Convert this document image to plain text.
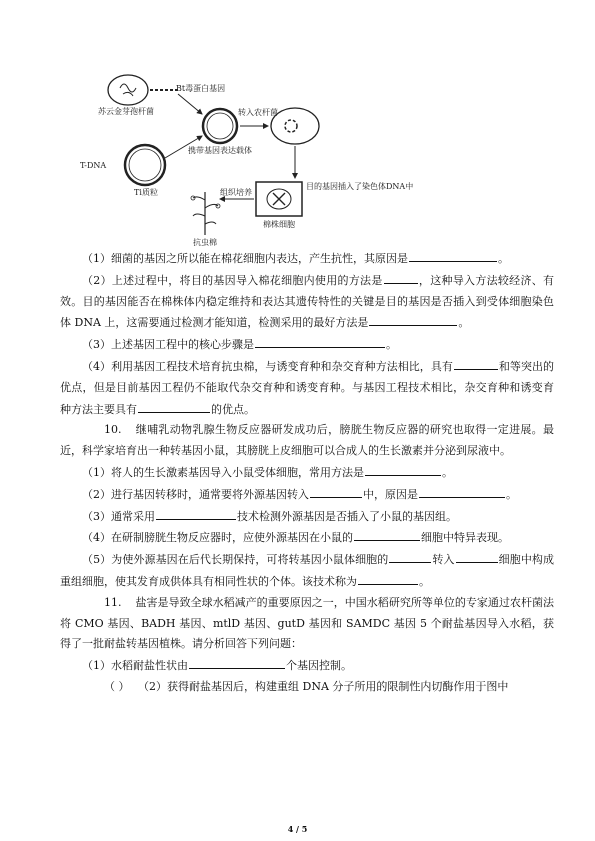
苏云金芽孢杆菌
Bt毒蛋白基因
T-DNA
Ti质粒
携带基因表达载体
转入农杆菌
棉株细胞
目的基因插入了染色体DNA中
组织培养
抗虫棉

（1）细菌的基因之所以能在棉花细胞内表达，产生抗性，其原因是	。

（2）上述过程中，将目的基因导入棉花细胞内使用的方法是	，这种导入方法较经济、有效。目的基因能否在棉株体内稳定维持和表达其遗传特性的关键是目的基因是否插入到受体细胞染色体 DNA 上，这需要通过检测才能知道，检测采用的最好方法是	。

（3）上述基因工程中的核心步骤是	。

（4）利用基因工程技术培育抗虫棉，与诱变育种和杂交育种方法相比，具有	和等突出的优点，但是目前基因工程仍不能取代杂交育种和诱变育种。与基因工程技术相比，杂交育种和诱变育种方法主要具有	的优点。

10. 继哺乳动物乳腺生物反应器研发成功后，膀胱生物反应器的研究也取得一定进展。最近，科学家培育出一种转基因小鼠，其膀胱上皮细胞可以合成人的生长激素并分泌到尿液中。

（1）将人的生长激素基因导入小鼠受体细胞，常用方法是	。

（2）进行基因转移时，通常要将外源基因转入	中，原因是	。

（3）通常采用	技术检测外源基因是否插入了小鼠的基因组。

（4）在研制膀胱生物反应器时，应使外源基因在小鼠的	细胞中特异表现。

（5）为使外源基因在后代长期保持，可将转基因小鼠体细胞的	转入	细胞中构成重组细胞，使其发育成供体具有相同性状的个体。该技术称为	。

11. 盐害是导致全球水稻减产的重要原因之一，中国水稻研究所等单位的专家通过农杆菌法将 CMO 基因、BADH 基因、mtlD 基因、gutD 基因和 SAMDC 基因 5 个耐盐基因导入水稻，获得了一批耐盐转基因植株。请分析回答下列问题：

（1）水稻耐盐性状由	个基因控制。

（ ） （2）获得耐盐基因后，构建重组 DNA 分子所用的限制性内切酶作用于图中

4 / 5
